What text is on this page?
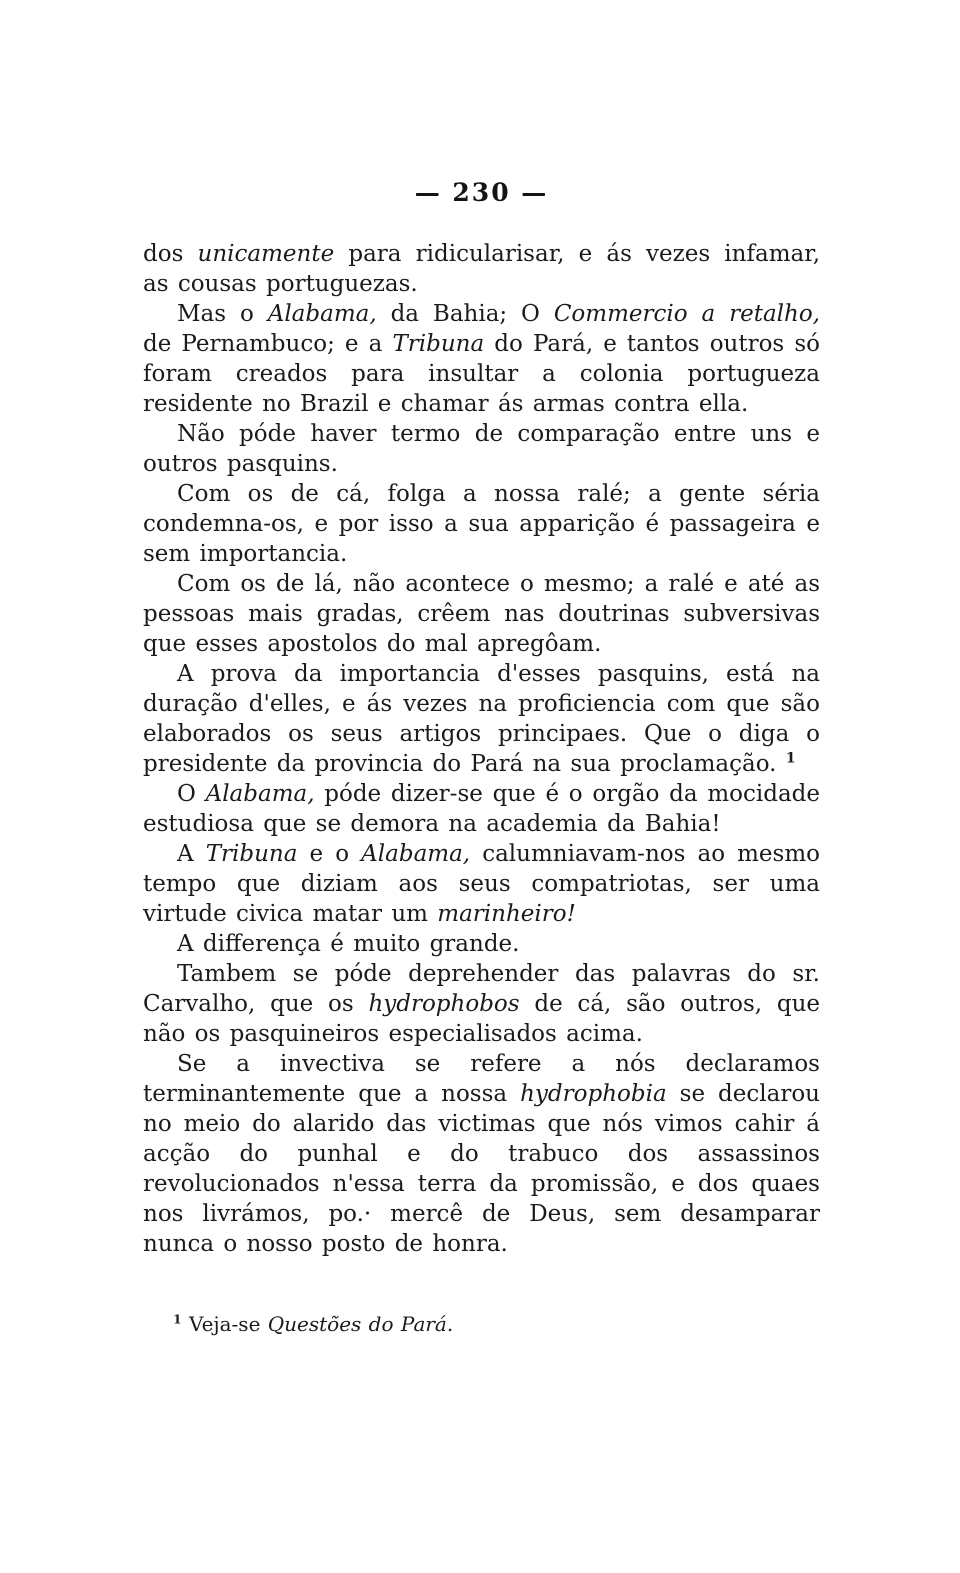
— 230 —

dos unicamente para ridicularisar, e ás vezes infamar, as cousas portuguezas.

Mas o Alabama, da Bahia; O Commercio a retalho, de Pernambuco; e a Tribuna do Pará, e tantos outros só foram creados para insultar a colonia portugueza residente no Brazil e chamar ás armas contra ella.

Não póde haver termo de comparação entre uns e outros pasquins.

Com os de cá, folga a nossa ralé; a gente séria condemna-os, e por isso a sua apparição é passageira e sem importancia.

Com os de lá, não acontece o mesmo; a ralé e até as pessoas mais gradas, crêem nas doutrinas subversivas que esses apostolos do mal apregôam.

A prova da importancia d'esses pasquins, está na duração d'elles, e ás vezes na proficiencia com que são elaborados os seus artigos principaes. Que o diga o presidente da provincia do Pará na sua proclamação. $^1$

O Alabama, póde dizer-se que é o orgão da mocidade estudiosa que se demora na academia da Bahia!

A Tribuna e o Alabama, calumniavam-nos ao mesmo tempo que diziam aos seus compatriotas, ser uma virtude civica matar um marinheiro!

A differença é muito grande.

Tambem se póde deprehender das palavras do sr. Carvalho, que os hydrophobos de cá, são outros, que não os pasquineiros especialisados acima.

Se a invectiva se refere a nós declaramos terminantemente que a nossa hydrophobia se declarou no meio do alarido das victimas que nós vimos cahir á acção do punhal e do trabuco dos assassinos revolucionados n'essa terra da promissão, e dos quaes nos livrámos, po.· mercê de Deus, sem desamparar nunca o nosso posto de honra.

$^1$ Veja-se Questões do Pará.
